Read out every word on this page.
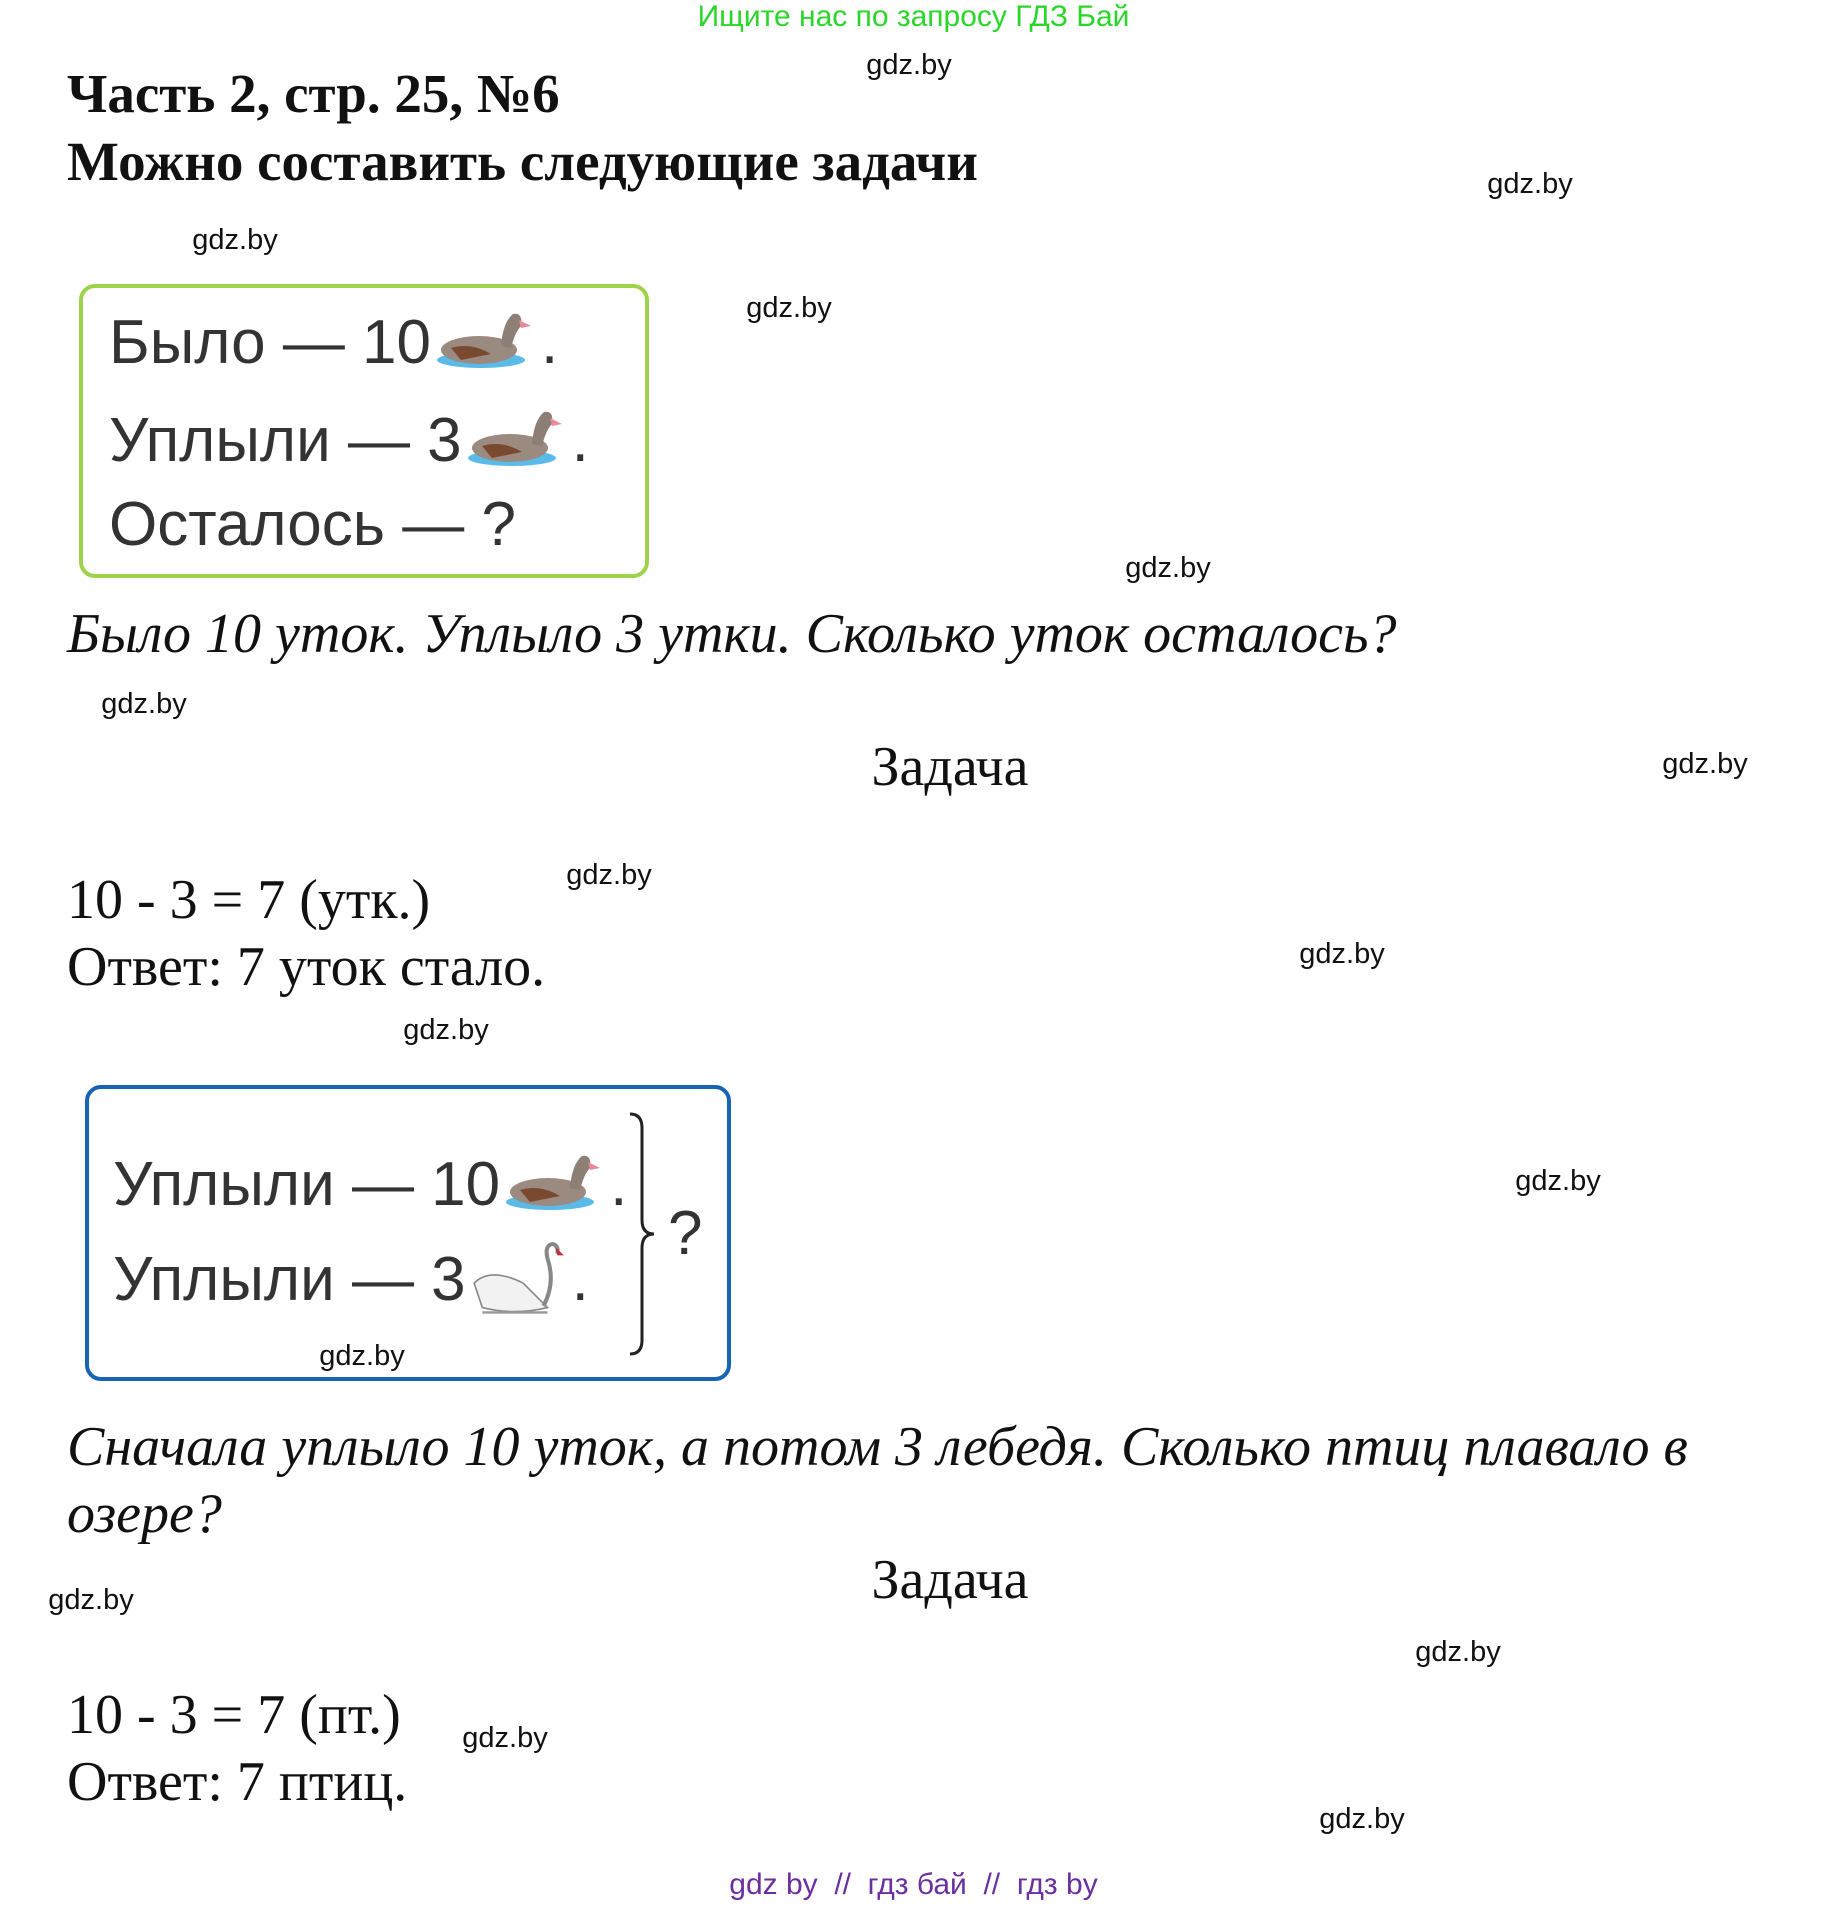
Ищите нас по запросу ГДЗ Бай
Часть 2, стр. 25, №6
Можно составить следующие задачи
Было — 10 .
Уплыли — 3 .
Осталось — ?
Было 10 уток. Уплыло 3 утки. Сколько уток осталось?
Задача
10 - 3 = 7 (утк.)
Ответ: 7 уток стало.
Уплыли — 10 .
Уплыли — 3 .
?
Сначала уплыло 10 уток, а потом 3 лебедя. Сколько птиц плавало в
озере?
Задача
10 - 3 = 7 (пт.)
Ответ: 7 птиц.
gdz.by
gdz.by
gdz.by
gdz.by
gdz.by
gdz.by
gdz.by
gdz.by
gdz.by
gdz.by
gdz.by
gdz.by
gdz.by
gdz.by
gdz.by
gdz.by
gdz by  //  гдз бай  //  гдз by
